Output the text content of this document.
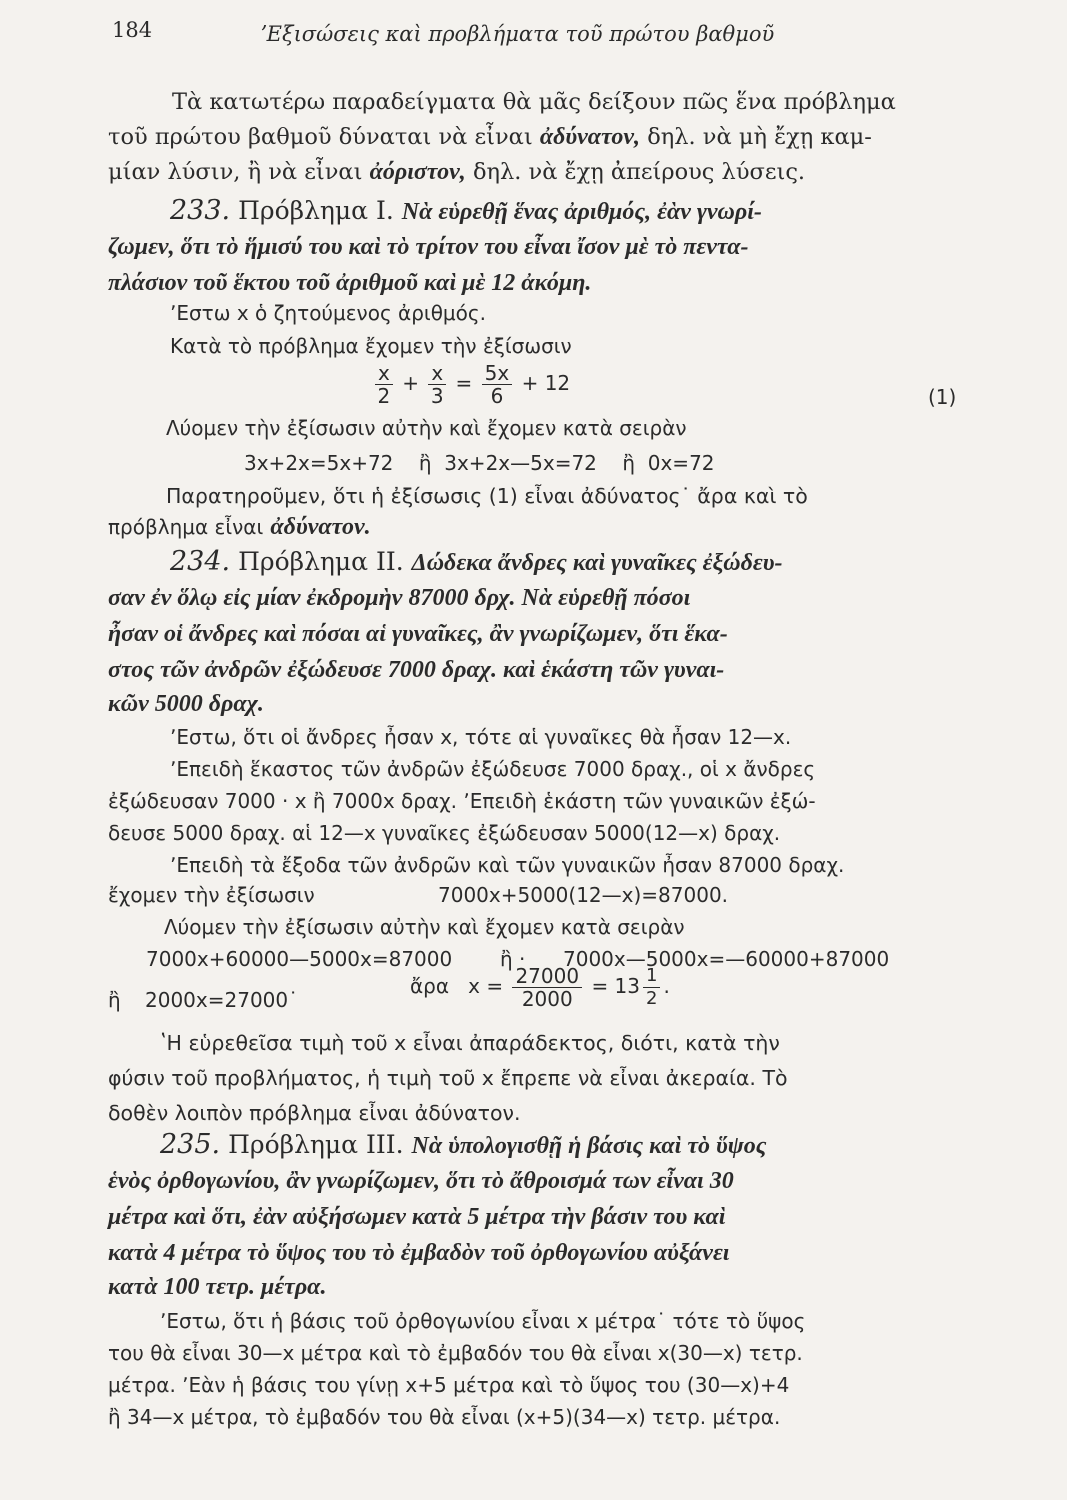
184	ʼΕξισώσεις καὶ προβλήματα τοῦ πρώτου βαθμοῦ
Τὰ κατωτέρω παραδείγματα θὰ μᾶς δείξουν πῶς ἕνα πρόβλημα
τοῦ πρώτου βαθμοῦ δύναται νὰ εἶναι ἀδύνατον, δηλ. νὰ μὴ ἔχῃ καμ-
μίαν λύσιν, ἢ νὰ εἶναι ἀόριστον, δηλ. νὰ ἔχῃ ἀπείρους λύσεις.
233. Πρόβλημα Ι. Νὰ εὑρεθῇ ἕνας ἀριθμός, ἐὰν γνωρί-
ζωμεν, ὅτι τὸ ἥμισύ του καὶ τὸ τρίτον του εἶναι ἴσον μὲ τὸ πεντα-
πλάσιον τοῦ ἕκτου τοῦ ἀριθμοῦ καὶ μὲ 12 ἀκόμη.
ʼΕστω x ὁ ζητούμενος ἀριθμός.
Κατὰ τὸ πρόβλημα ἔχομεν τὴν ἐξίσωσιν
$\frac{x}{2} + \frac{x}{3} = \frac{5x}{6} + 12$
(1)
Λύομεν τὴν ἐξίσωσιν αὐτὴν καὶ ἔχομεν κατὰ σειρὰν
3x+2x=5x+72 ἢ 3x+2x—5x=72 ἢ 0x=72
Παρατηροῦμεν, ὅτι ἡ ἐξίσωσις (1) εἶναι ἀδύνατος˙ ἄρα καὶ τὸ
πρόβλημα εἶναι ἀδύνατον.
234. Πρόβλημα ΙΙ. Δώδεκα ἄνδρες καὶ γυναῖκες ἐξώδευ-
σαν ἐν ὅλῳ εἰς μίαν ἐκδρομὴν 87000 δρχ. Νὰ εὑρεθῇ πόσοι
ἦσαν οἱ ἄνδρες καὶ πόσαι αἱ γυναῖκες, ἂν γνωρίζωμεν, ὅτι ἕκα-
στος τῶν ἀνδρῶν ἐξώδευσε 7000 δραχ. καὶ ἑκάστη τῶν γυναι-
κῶν 5000 δραχ.
ʼΕστω, ὅτι οἱ ἄνδρες ἦσαν x, τότε αἱ γυναῖκες θὰ ἦσαν 12—x.
ʼΕπειδὴ ἕκαστος τῶν ἀνδρῶν ἐξώδευσε 7000 δραχ., οἱ x ἄνδρες
ἐξώδευσαν 7000 · x ἢ 7000x δραχ. ʼΕπειδὴ ἑκάστη τῶν γυναικῶν ἐξώ-
δευσε 5000 δραχ. αἱ 12—x γυναῖκες ἐξώδευσαν 5000(12—x) δραχ.
ʼΕπειδὴ τὰ ἔξοδα τῶν ἀνδρῶν καὶ τῶν γυναικῶν ἦσαν 87000 δραχ.
ἔχομεν τὴν ἐξίσωσιν	7000x+5000(12—x)=87000.
Λύομεν τὴν ἐξίσωσιν αὐτὴν καὶ ἔχομεν κατὰ σειρὰν
7000x+60000—5000x=87000 ἢ · 7000x—5000x=—60000+87000
ἢ 2000x=27000˙
ἄρα $x = \frac{27000}{2000} = 13 \frac{1}{2}$ .
ʽΗ εὑρεθεῖσα τιμὴ τοῦ x εἶναι ἀπαράδεκτος, διότι, κατὰ τὴν
φύσιν τοῦ προβλήματος, ἡ τιμὴ τοῦ x ἔπρεπε νὰ εἶναι ἀκεραία. Τὸ
δοθὲν λοιπὸν πρόβλημα εἶναι ἀδύνατον.
235. Πρόβλημα ΙΙΙ. Νὰ ὑπολογισθῇ ἡ βάσις καὶ τὸ ὕψος
ἑνὸς ὀρθογωνίου, ἂν γνωρίζωμεν, ὅτι τὸ ἄθροισμά των εἶναι 30
μέτρα καὶ ὅτι, ἐὰν αὐξήσωμεν κατὰ 5 μέτρα τὴν βάσιν του καὶ
κατὰ 4 μέτρα τὸ ὕψος του τὸ ἐμβαδὸν τοῦ ὀρθογωνίου αὐξάνει
κατὰ 100 τετρ. μέτρα.
ʼΕστω, ὅτι ἡ βάσις τοῦ ὀρθογωνίου εἶναι x μέτρα˙ τότε τὸ ὕψος
του θὰ εἶναι 30—x μέτρα καὶ τὸ ἐμβαδόν του θὰ εἶναι x(30—x) τετρ.
μέτρα. ʼΕὰν ἡ βάσις του γίνῃ x+5 μέτρα καὶ τὸ ὕψος του (30—x)+4
ἢ 34—x μέτρα, τὸ ἐμβαδόν του θὰ εἶναι (x+5)(34—x) τετρ. μέτρα.
